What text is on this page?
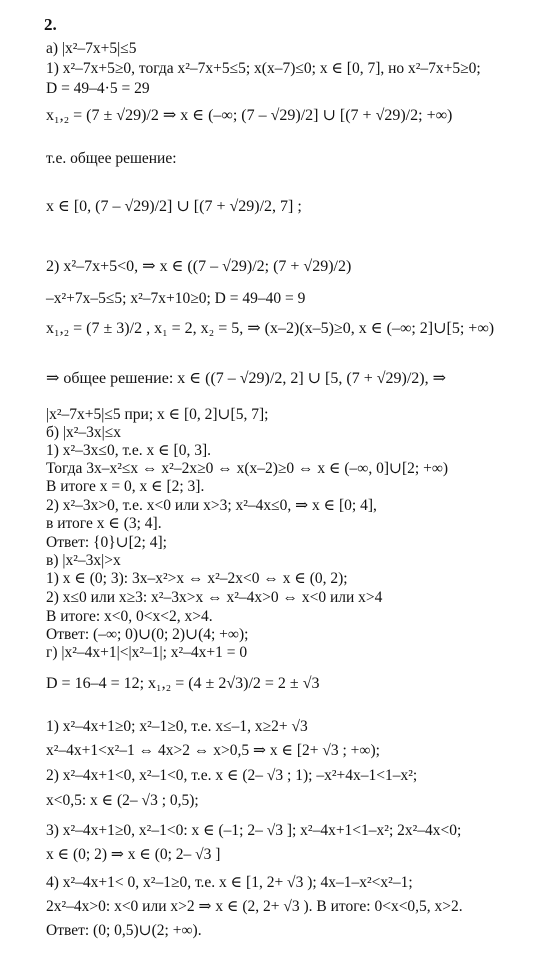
2.
а) |x²–7x+5|≤5
1) x²–7x+5≥0, тогда x²–7x+5≤5; x(x–7)≤0; x ∈ [0, 7], но x²–7x+5≥0;
D = 49–4·5 = 29
x₁,₂ = (7 ± √29)/2 ⇒ x ∈ (–∞; (7 – √29)/2] ∪ [(7 + √29)/2; +∞)
т.е. общее решение:
x ∈ [0, (7 – √29)/2] ∪ [(7 + √29)/2, 7] ;
2) x²–7x+5<0, ⇒ x ∈ ((7 – √29)/2; (7 + √29)/2)
–x²+7x–5≤5; x²–7x+10≥0; D = 49–40 = 9
x₁,₂ = (7 ± 3)/2 , x₁ = 2, x₂ = 5, ⇒ (x–2)(x–5)≥0, x ∈ (–∞; 2]∪[5; +∞)
⇒ общее решение: x ∈ ((7 – √29)/2, 2] ∪ [5, (7 + √29)/2), ⇒
|x²–7x+5|≤5 при; x ∈ [0, 2]∪[5, 7];
б) |x²–3x|≤x
1) x²–3x≤0, т.е. x ∈ [0, 3].
Тогда 3x–x²≤x ⇔ x²–2x≥0 ⇔ x(x–2)≥0 ⇔ x ∈ (–∞, 0]∪[2; +∞)
В итоге x = 0, x ∈ [2; 3].
2) x²–3x>0, т.е. x<0 или x>3; x²–4x≤0, ⇒ x ∈ [0; 4],
в итоге x ∈ (3; 4].
Ответ: {0}∪[2; 4];
в) |x²–3x|>x
1) x ∈ (0; 3): 3x–x²>x ⇔ x²–2x<0 ⇔ x ∈ (0, 2);
2) x≤0 или x≥3: x²–3x>x ⇔ x²–4x>0 ⇔ x<0 или x>4
В итоге: x<0, 0<x<2, x>4.
Ответ: (–∞; 0)∪(0; 2)∪(4; +∞);
г) |x²–4x+1|<|x²–1|; x²–4x+1 = 0
D = 16–4 = 12; x₁,₂ = (4 ± 2√3)/2 = 2 ± √3
1) x²–4x+1≥0; x²–1≥0, т.е. x≤–1, x≥2+ √3
x²–4x+1<x²–1 ⇔ 4x>2 ⇔ x>0,5 ⇒ x ∈ [2+ √3 ; +∞);
2) x²–4x+1<0, x²–1<0, т.е. x ∈ (2– √3 ; 1); –x²+4x–1<1–x²;
x<0,5: x ∈ (2– √3 ; 0,5);
3) x²–4x+1≥0, x²–1<0: x ∈ (–1; 2– √3 ]; x²–4x+1<1–x²; 2x²–4x<0;
x ∈ (0; 2) ⇒ x ∈ (0; 2– √3 ]
4) x²–4x+1< 0, x²–1≥0, т.е. x ∈ [1, 2+ √3 ); 4x–1–x²<x²–1;
2x²–4x>0: x<0 или x>2 ⇒ x ∈ (2, 2+ √3 ). В итоге: 0<x<0,5, x>2.
Ответ: (0; 0,5)∪(2; +∞).
